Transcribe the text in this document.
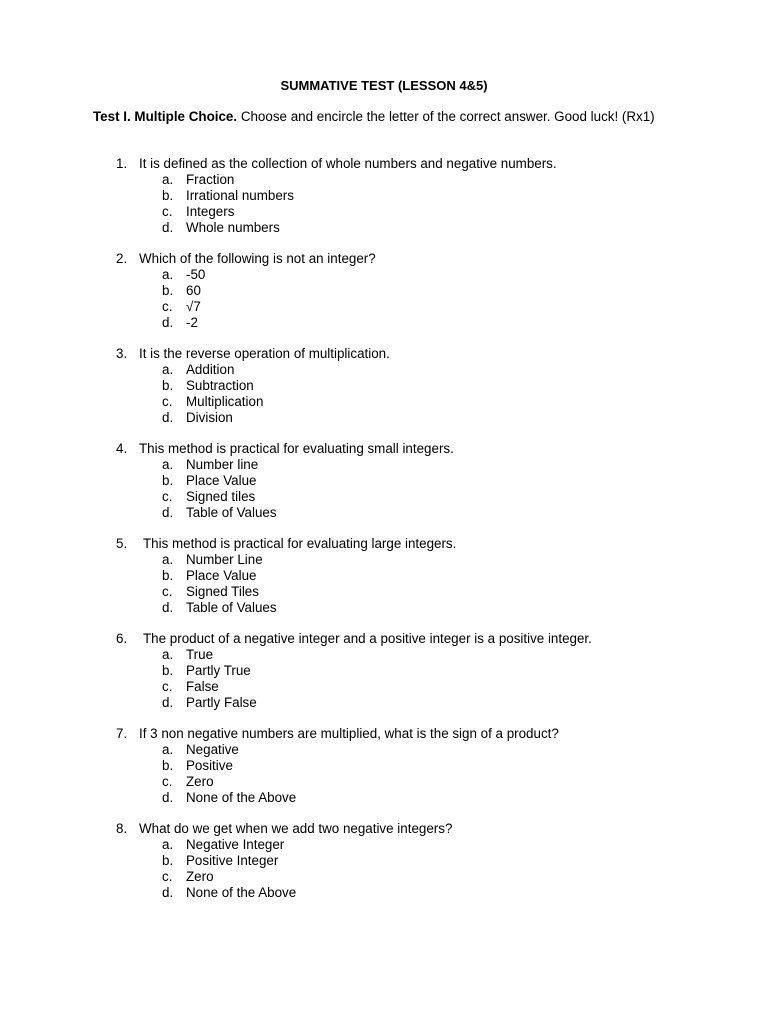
SUMMATIVE TEST (LESSON 4&5)
Test I. Multiple Choice. Choose and encircle the letter of the correct answer. Good luck! (Rx1)
1. It is defined as the collection of whole numbers and negative numbers.
a. Fraction
b. Irrational numbers
c. Integers
d. Whole numbers
2. Which of the following is not an integer?
a. -50
b. 60
c. √7
d. -2
3. It is the reverse operation of multiplication.
a. Addition
b. Subtraction
c. Multiplication
d. Division
4. This method is practical for evaluating small integers.
a. Number line
b. Place Value
c. Signed tiles
d. Table of Values
5. This method is practical for evaluating large integers.
a. Number Line
b. Place Value
c. Signed Tiles
d. Table of Values
6. The product of a negative integer and a positive integer is a positive integer.
a. True
b. Partly True
c. False
d. Partly False
7. If 3 non negative numbers are multiplied, what is the sign of a product?
a. Negative
b. Positive
c. Zero
d. None of the Above
8. What do we get when we add two negative integers?
a. Negative Integer
b. Positive Integer
c. Zero
d. None of the Above
